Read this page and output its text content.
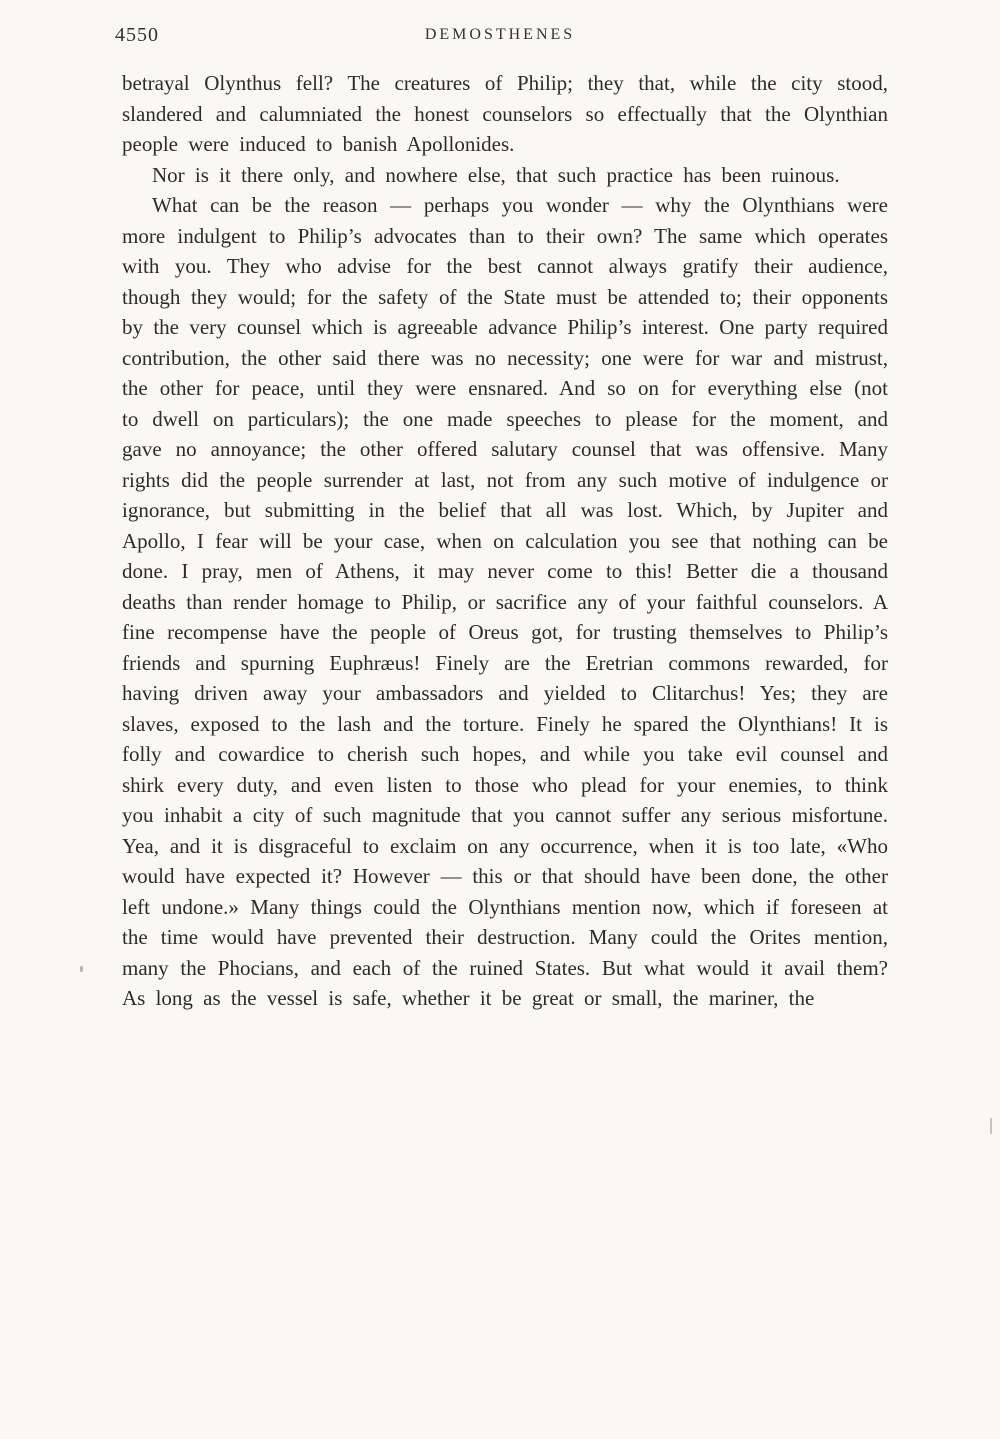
4550	DEMOSTHENES

betrayal Olynthus fell? The creatures of Philip; they that, while the city stood, slandered and calumniated the honest counselors so effectually that the Olynthian people were induced to banish Apollonides.

Nor is it there only, and nowhere else, that such practice has been ruinous.

What can be the reason — perhaps you wonder — why the Olynthians were more indulgent to Philip’s advocates than to their own? The same which operates with you. They who advise for the best cannot always gratify their audience, though they would; for the safety of the State must be attended to; their opponents by the very counsel which is agreeable advance Philip’s interest. One party required contribution, the other said there was no necessity; one were for war and mistrust, the other for peace, until they were ensnared. And so on for everything else (not to dwell on particulars); the one made speeches to please for the moment, and gave no annoyance; the other offered salutary counsel that was offensive. Many rights did the people surrender at last, not from any such motive of indulgence or ignorance, but submitting in the belief that all was lost. Which, by Jupiter and Apollo, I fear will be your case, when on calculation you see that nothing can be done. I pray, men of Athens, it may never come to this! Better die a thousand deaths than render homage to Philip, or sacrifice any of your faithful counselors. A fine recompense have the people of Oreus got, for trusting themselves to Philip’s friends and spurning Euphræus! Finely are the Eretrian commons rewarded, for having driven away your ambassadors and yielded to Clitarchus! Yes; they are slaves, exposed to the lash and the torture. Finely he spared the Olynthians! It is folly and cowardice to cherish such hopes, and while you take evil counsel and shirk every duty, and even listen to those who plead for your enemies, to think you inhabit a city of such magnitude that you cannot suffer any serious misfortune. Yea, and it is disgraceful to exclaim on any occurrence, when it is too late, «Who would have expected it? However — this or that should have been done, the other left undone.» Many things could the Olynthians mention now, which if foreseen at the time would have prevented their destruction. Many could the Orites mention, many the Phocians, and each of the ruined States. But what would it avail them? As long as the vessel is safe, whether it be great or small, the mariner, the
